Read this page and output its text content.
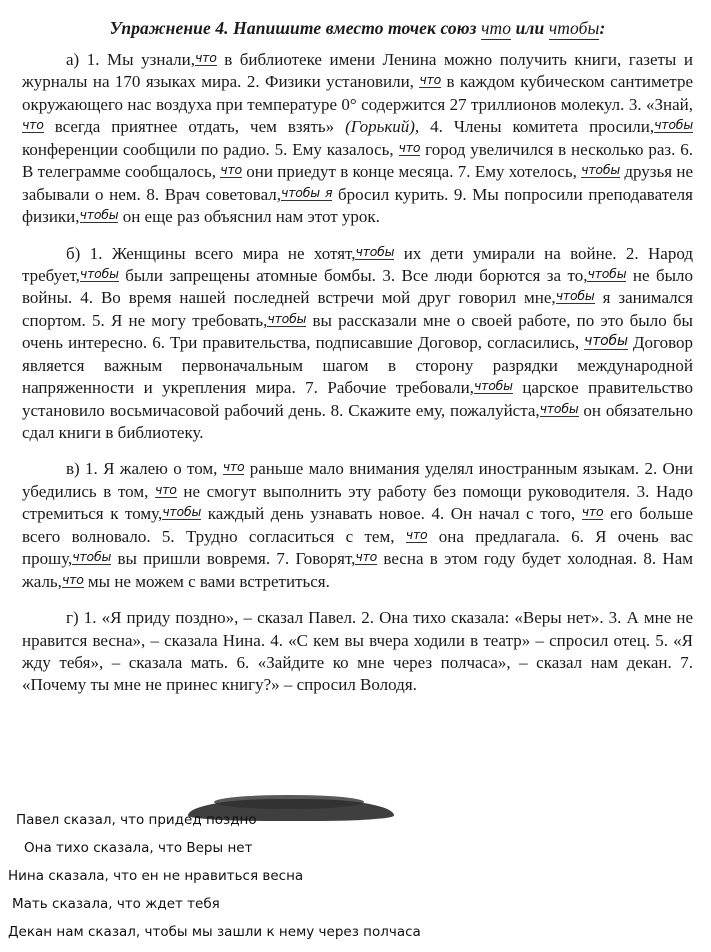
Упражнение 4. Напишите вместо точек союз что или чтобы:

а) 1. Мы узнали,что в библиотеке имени Ленина можно получить книги, газеты и журналы на 170 языках мира. 2. Физики установили, что в каждом кубическом сантиметре окружающего нас воздуха при температуре 0° содержится 27 триллионов молекул. 3. «Знай, что всегда приятнее отдать, чем взять» (Горький), 4. Члены комитета просили,чтобы конференции сообщили по радио. 5. Ему казалось, что город увеличился в несколько раз. 6. В телеграмме сообщалось, что они приедут в конце месяца. 7. Ему хотелось, чтобы друзья не забывали о нем. 8. Врач советовал,чтобы я бросил курить. 9. Мы попросили преподавателя физики,чтобы он еще раз объяснил нам этот урок.

б) 1. Женщины всего мира не хотят,чтобы их дети умирали на войне. 2. Народ требует,чтобы были запрещены атомные бомбы. 3. Все люди борются за то,чтобы не было войны. 4. Во время нашей последней встречи мой друг говорил мне,чтобы я занимался спортом. 5. Я не могу требовать,чтобы вы рассказали мне о своей работе, по это было бы очень интересно. 6. Три правительства, подписавшие Договор, согласились, чтобы Договор является важным первоначальным шагом в сторону разрядки международной напряженности и укрепления мира. 7. Рабочие требовали,чтобы царское правительство установило восьмичасовой рабочий день. 8. Скажите ему, пожалуйста,чтобы он обязательно сдал книги в библиотеку.

в) 1. Я жалею о том, что раньше мало внимания уделял иностранным языкам. 2. Они убедились в том, что не смогут выполнить эту работу без помощи руководителя. 3. Надо стремиться к тому,чтобы каждый день узнавать новое. 4. Он начал с того, что его больше всего волновало. 5. Трудно согласиться с тем, что она предлагала. 6. Я очень вас прошу,чтобы вы пришли вовремя. 7. Говорят,что весна в этом году будет холодная. 8. Нам жаль,что мы не можем с вами встретиться.

г) 1. «Я приду поздно», – сказал Павел. 2. Она тихо сказала: «Веры нет». 3. А мне не нравится весна», – сказала Нина. 4. «С кем вы вчера ходили в театр» – спросил отец. 5. «Я жду тебя», – сказала мать. 6. «Зайдите ко мне через полчаса», – сказал нам декан. 7. «Почему ты мне не принес книгу?» – спросил Володя.

Павел сказал, что придед поздно
Она тихо сказала, что Веры нет
Нина сказала, что ен не нравиться весна
Мать сказала, что ждет тебя
Декан нам сказал, чтобы мы зашли к нему через полчаса
